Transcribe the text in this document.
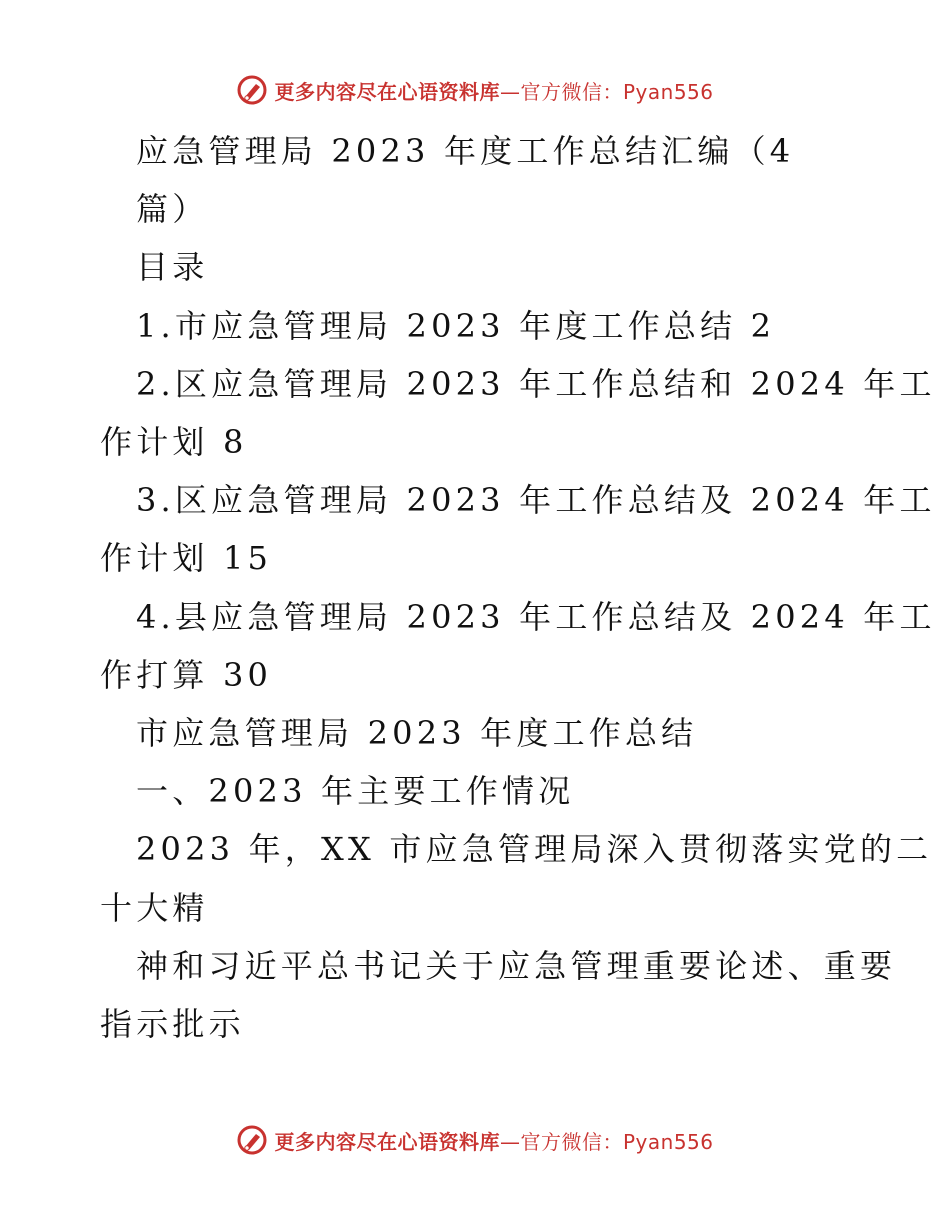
更多内容尽在心语资料库—官方微信：Pyan556
应急管理局 2023 年度工作总结汇编（4
篇）
目录
1.市应急管理局 2023 年度工作总结 2
2.区应急管理局 2023 年工作总结和 2024 年工
作计划 8
3.区应急管理局 2023 年工作总结及 2024 年工
作计划 15
4.县应急管理局 2023 年工作总结及 2024 年工
作打算 30
市应急管理局 2023 年度工作总结
一、2023 年主要工作情况
2023 年，XX 市应急管理局深入贯彻落实党的二
十大精
神和习近平总书记关于应急管理重要论述、重要
指示批示
更多内容尽在心语资料库—官方微信：Pyan556
